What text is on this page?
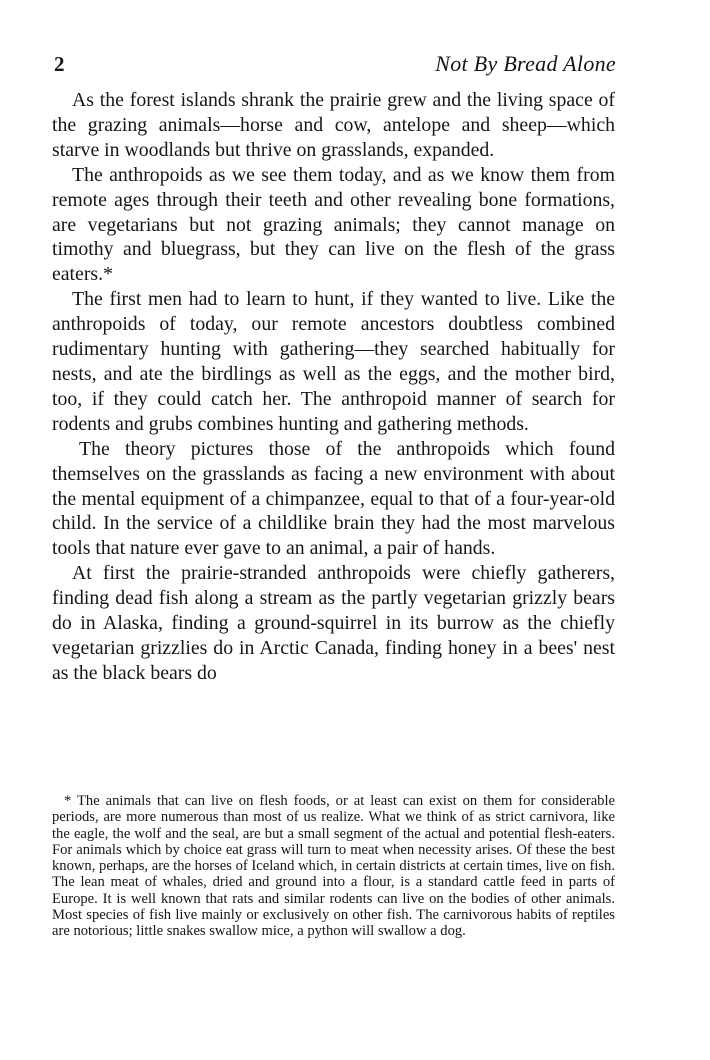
2	Not By Bread Alone

As the forest islands shrank the prairie grew and the living space of the grazing animals—horse and cow, antelope and sheep—which starve in woodlands but thrive on grasslands, expanded.

The anthropoids as we see them today, and as we know them from remote ages through their teeth and other revealing bone formations, are vegetarians but not grazing animals; they cannot manage on timothy and bluegrass, but they can live on the flesh of the grass eaters.*

The first men had to learn to hunt, if they wanted to live. Like the anthropoids of today, our remote ancestors doubtless combined rudimentary hunting with gathering—they searched habitually for nests, and ate the birdlings as well as the eggs, and the mother bird, too, if they could catch her. The anthropoid manner of search for rodents and grubs combines hunting and gathering methods.

The theory pictures those of the anthropoids which found themselves on the grasslands as facing a new environment with about the mental equipment of a chimpanzee, equal to that of a four-year-old child. In the service of a childlike brain they had the most marvelous tools that nature ever gave to an animal, a pair of hands.

At first the prairie-stranded anthropoids were chiefly gatherers, finding dead fish along a stream as the partly vegetarian grizzly bears do in Alaska, finding a ground-squirrel in its burrow as the chiefly vegetarian grizzlies do in Arctic Canada, finding honey in a bees' nest as the black bears do

* The animals that can live on flesh foods, or at least can exist on them for considerable periods, are more numerous than most of us realize. What we think of as strict carnivora, like the eagle, the wolf and the seal, are but a small segment of the actual and potential flesh-eaters. For animals which by choice eat grass will turn to meat when necessity arises. Of these the best known, perhaps, are the horses of Iceland which, in certain districts at certain times, live on fish. The lean meat of whales, dried and ground into a flour, is a standard cattle feed in parts of Europe. It is well known that rats and similar rodents can live on the bodies of other animals. Most species of fish live mainly or exclusively on other fish. The carnivorous habits of reptiles are notorious; little snakes swallow mice, a python will swallow a dog.
